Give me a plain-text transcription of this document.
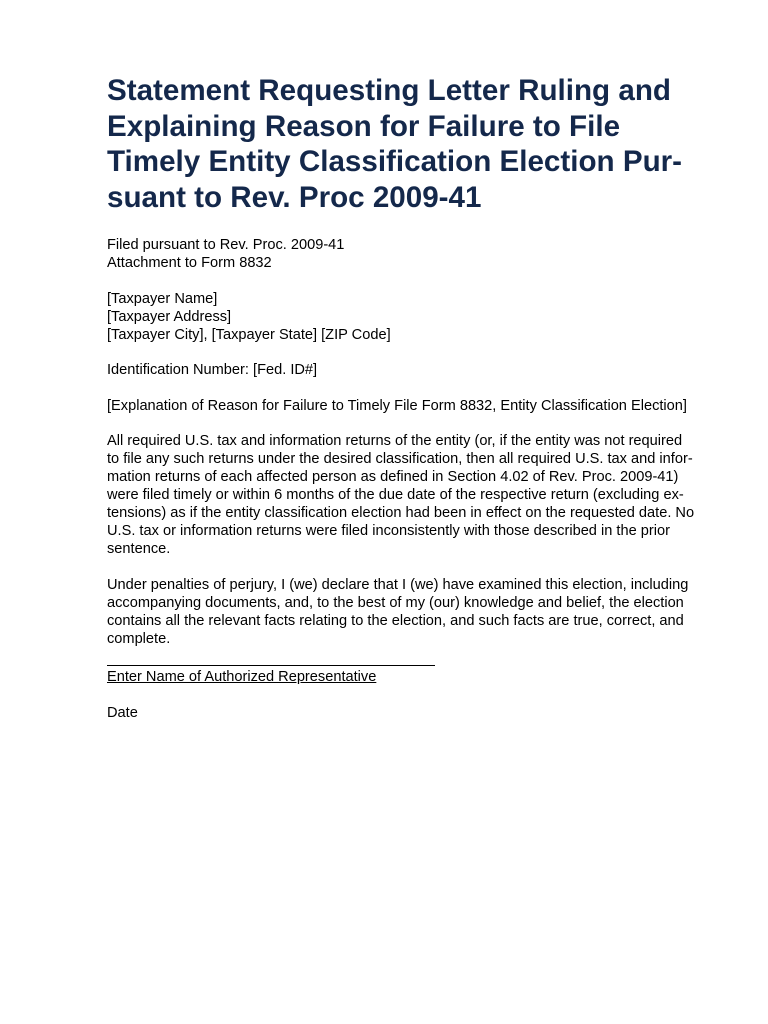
Statement Requesting Letter Ruling and
Explaining Reason for Failure to File
Timely Entity Classification Election Pur-
suant to Rev. Proc 2009-41
Filed pursuant to Rev. Proc. 2009-41
Attachment to Form 8832
[Taxpayer Name]
[Taxpayer Address]
[Taxpayer City], [Taxpayer State] [ZIP Code]
Identification Number: [Fed. ID#]
[Explanation of Reason for Failure to Timely File Form 8832, Entity Classification Election]
All required U.S. tax and information returns of the entity (or, if the entity was not required
to file any such returns under the desired classification, then all required U.S. tax and infor-
mation returns of each affected person as defined in Section 4.02 of Rev. Proc. 2009-41)
were filed timely or within 6 months of the due date of the respective return (excluding ex-
tensions) as if the entity classification election had been in effect on the requested date. No
U.S. tax or information returns were filed inconsistently with those described in the prior
sentence.
Under penalties of perjury, I (we) declare that I (we) have examined this election, including
accompanying documents, and, to the best of my (our) knowledge and belief, the election
contains all the relevant facts relating to the election, and such facts are true, correct, and
complete.
Enter Name of Authorized Representative
Date
